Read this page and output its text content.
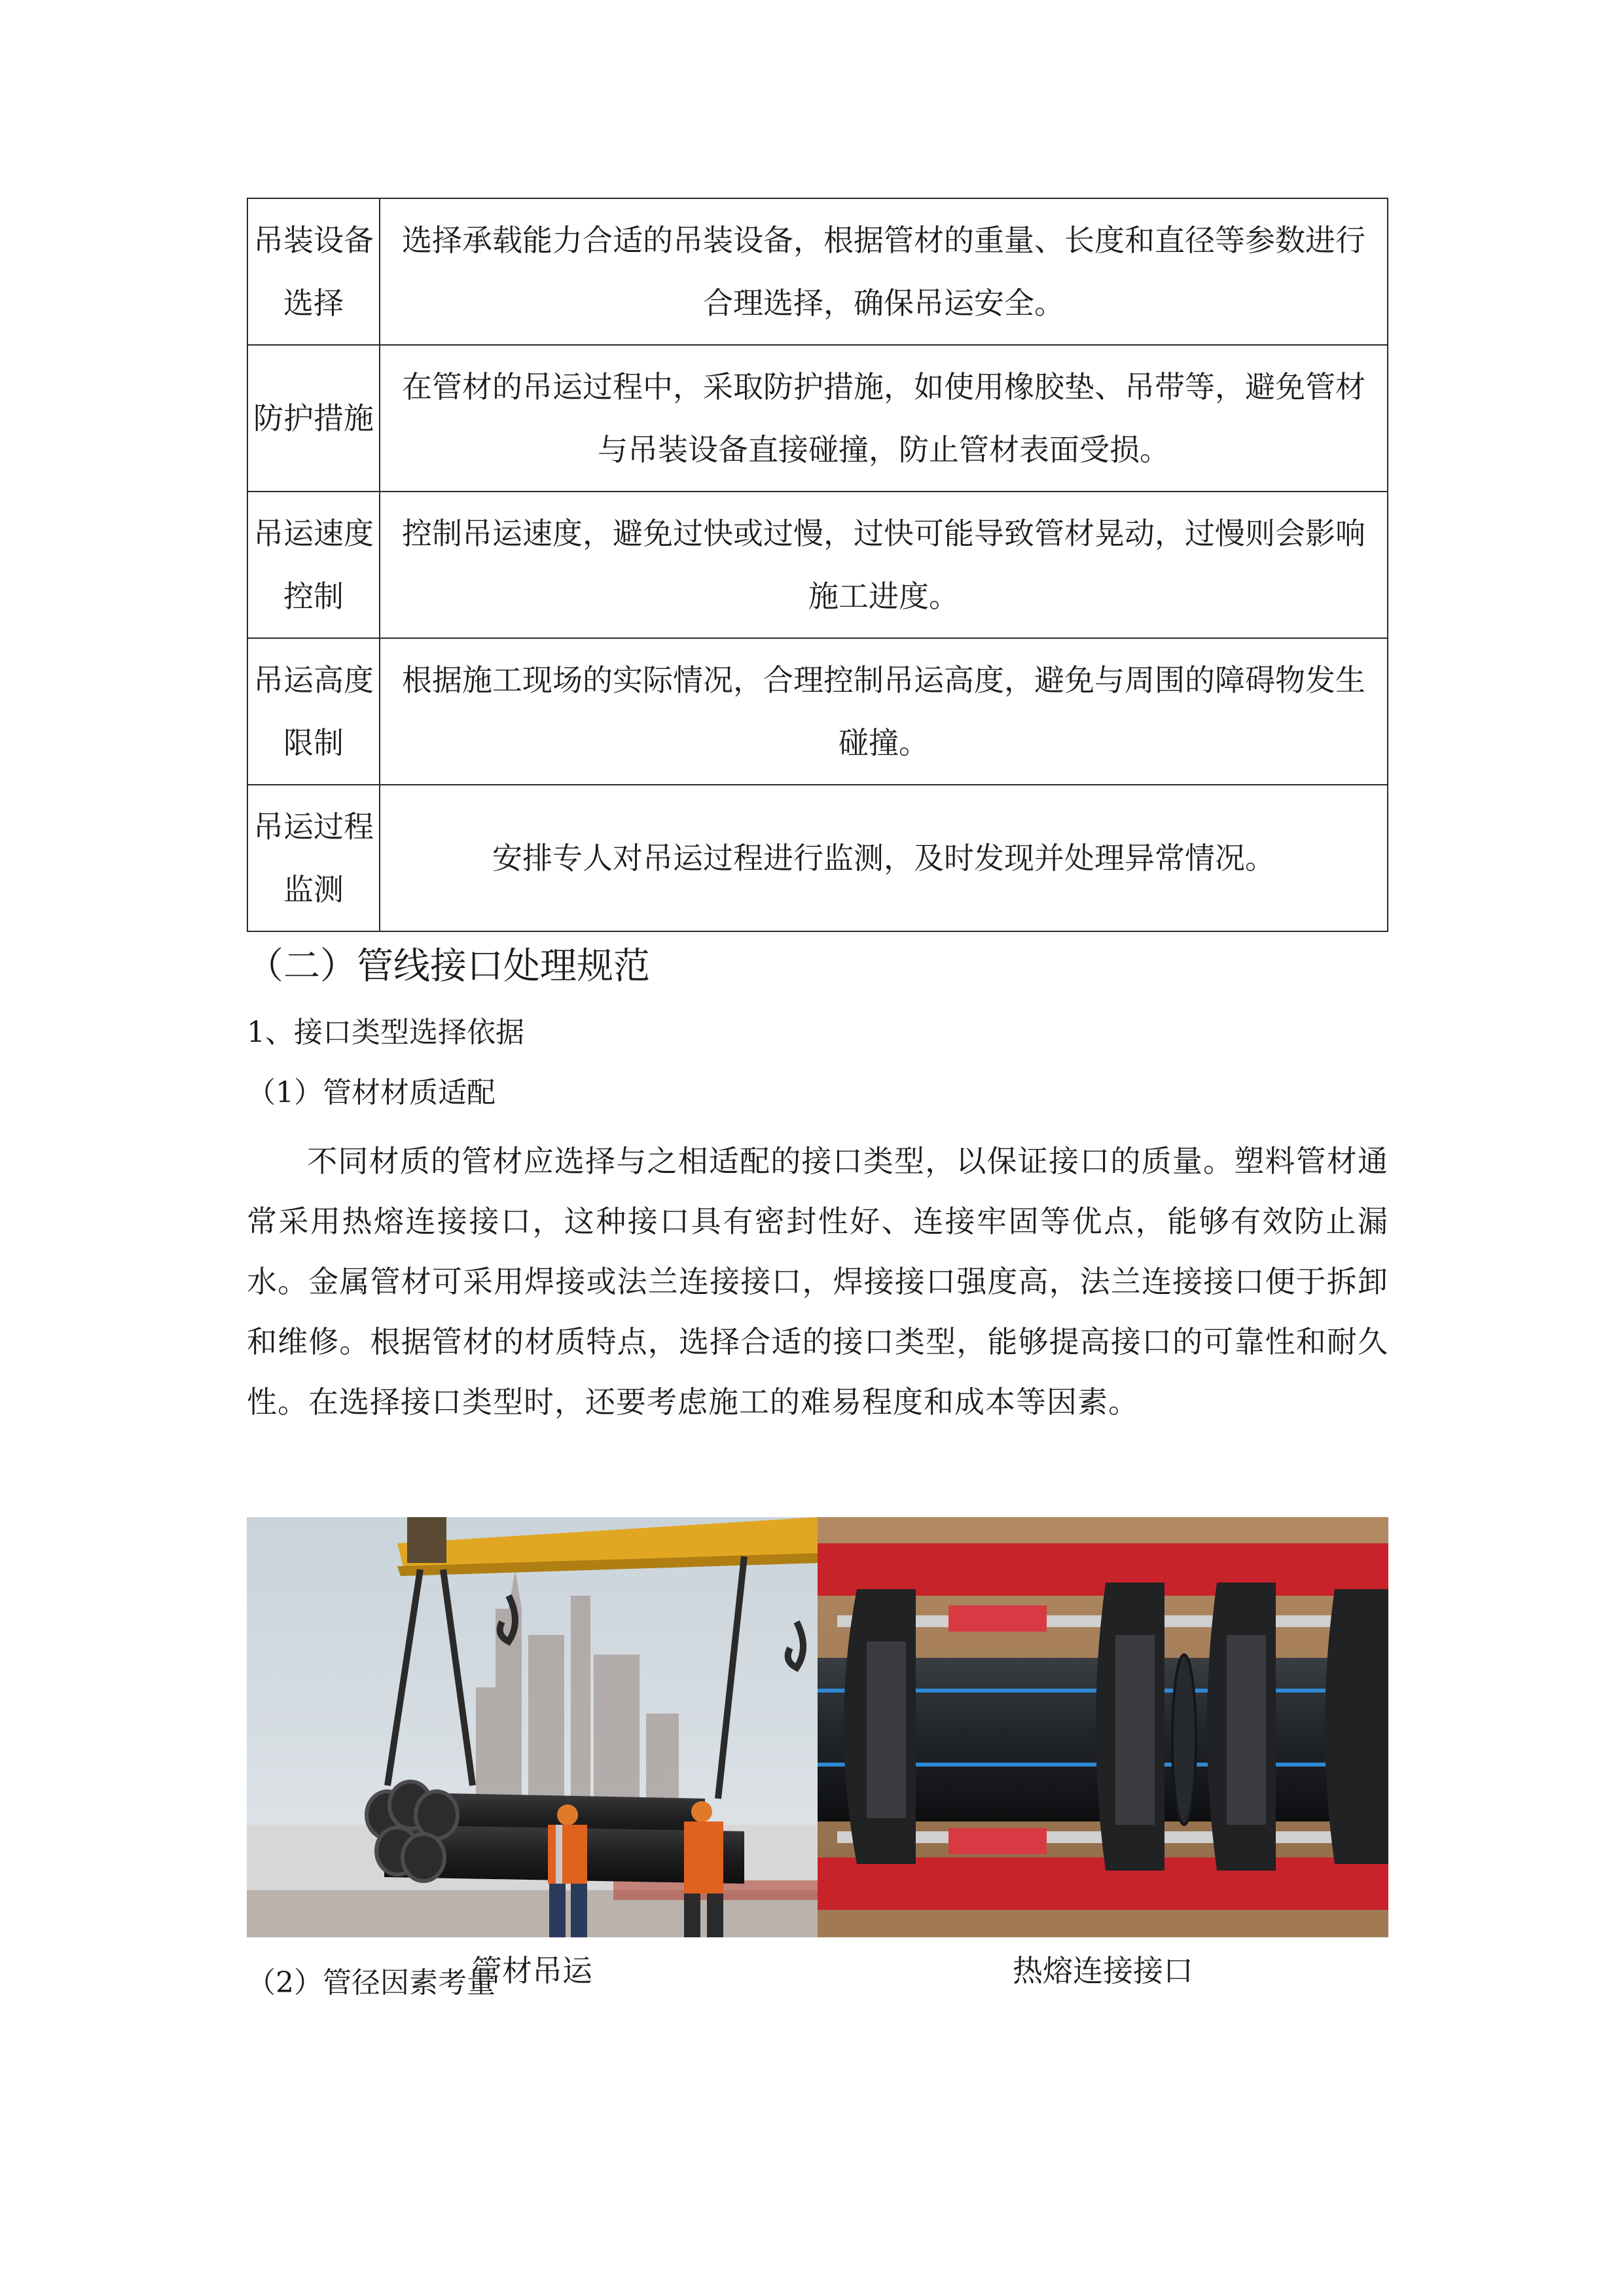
吊装设备选择	选择承载能力合适的吊装设备，根据管材的重量、长度和直径等参数进行合理选择，确保吊运安全。

防护措施	在管材的吊运过程中，采取防护措施，如使用橡胶垫、吊带等，避免管材与吊装设备直接碰撞，防止管材表面受损。

吊运速度控制	控制吊运速度，避免过快或过慢，过快可能导致管材晃动，过慢则会影响施工进度。

吊运高度限制	根据施工现场的实际情况，合理控制吊运高度，避免与周围的障碍物发生碰撞。

吊运过程监测	安排专人对吊运过程进行监测，及时发现并处理异常情况。
（二）管线接口处理规范
1、接口类型选择依据
（1）管材材质适配
不同材质的管材应选择与之相适配的接口类型，以保证接口的质量。塑料管材通常采用热熔连接接口，这种接口具有密封性好、连接牢固等优点，能够有效防止漏水。金属管材可采用焊接或法兰连接接口，焊接接口强度高，法兰连接接口便于拆卸和维修。根据管材的材质特点，选择合适的接口类型，能够提高接口的可靠性和耐久性。在选择接口类型时，还要考虑施工的难易程度和成本等因素。
管材吊运	热熔连接接口
（2）管径因素考量
